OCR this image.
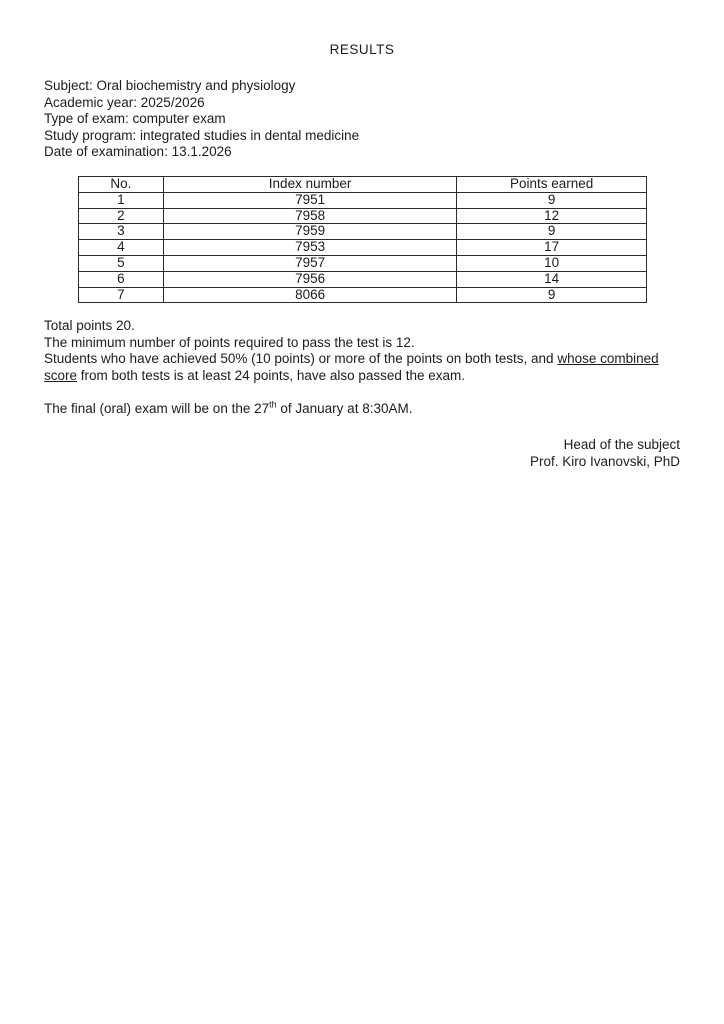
RESULTS
Subject: Oral biochemistry and physiology
Academic year: 2025/2026
Type of exam: computer exam
Study program: integrated studies in dental medicine
Date of examination: 13.1.2026
No.	Index number	Points earned
1	7951	9
2	7958	12
3	7959	9
4	7953	17
5	7957	10
6	7956	14
7	8066	9
Total points 20.
The minimum number of points required to pass the test is 12.
Students who have achieved 50% (10 points) or more of the points on both tests, and whose combined
score from both tests is at least 24 points, have also passed the exam.
The final (oral) exam will be on the 27th of January at 8:30AM.
Head of the subject
Prof. Kiro Ivanovski, PhD
